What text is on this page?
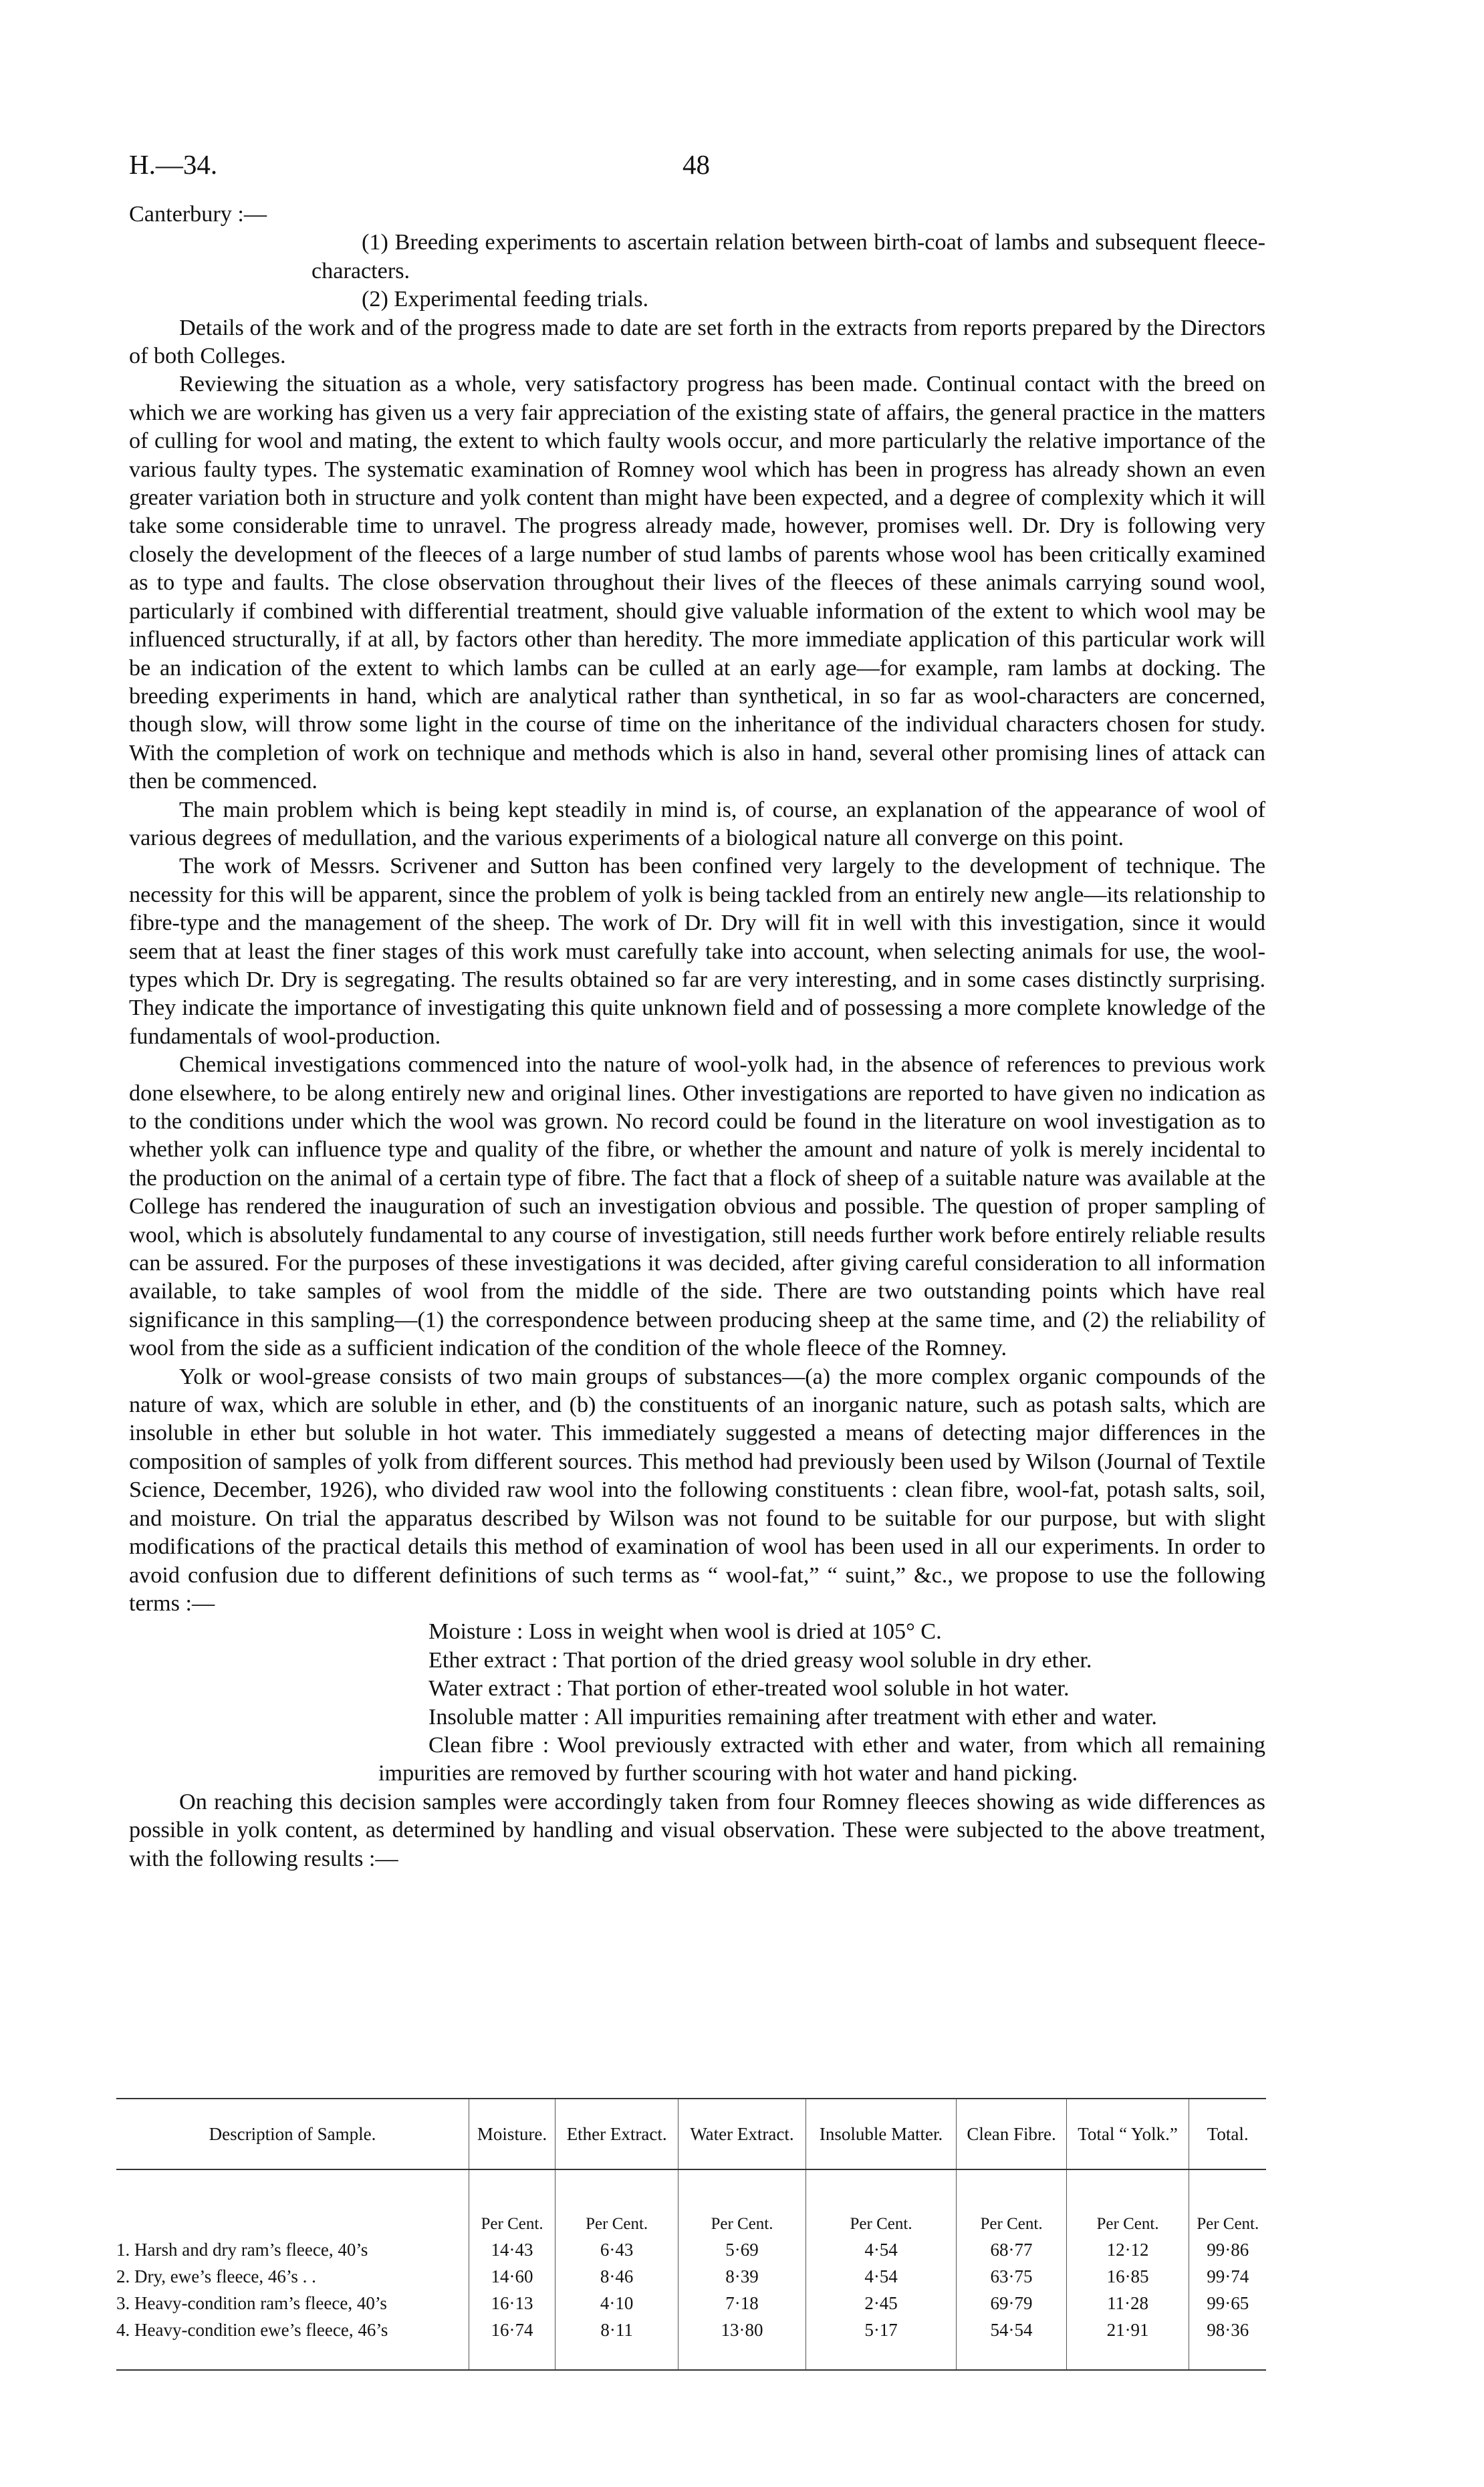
H.—34.	48

Canterbury :—

(1) Breeding experiments to ascertain relation between birth-coat of lambs and subsequent fleece-characters.

(2) Experimental feeding trials.

Details of the work and of the progress made to date are set forth in the extracts from reports prepared by the Directors of both Colleges.

Reviewing the situation as a whole, very satisfactory progress has been made. Continual contact with the breed on which we are working has given us a very fair appreciation of the existing state of affairs, the general practice in the matters of culling for wool and mating, the extent to which faulty wools occur, and more particularly the relative importance of the various faulty types. The systematic examination of Romney wool which has been in progress has already shown an even greater variation both in structure and yolk content than might have been expected, and a degree of complexity which it will take some considerable time to unravel. The progress already made, however, promises well. Dr. Dry is following very closely the development of the fleeces of a large number of stud lambs of parents whose wool has been critically examined as to type and faults. The close observation throughout their lives of the fleeces of these animals carrying sound wool, particularly if combined with differential treatment, should give valuable information of the extent to which wool may be influenced structurally, if at all, by factors other than heredity. The more immediate application of this particular work will be an indication of the extent to which lambs can be culled at an early age—for example, ram lambs at docking. The breeding experiments in hand, which are analytical rather than synthetical, in so far as wool-characters are concerned, though slow, will throw some light in the course of time on the inheritance of the individual characters chosen for study. With the completion of work on technique and methods which is also in hand, several other promising lines of attack can then be commenced.

The main problem which is being kept steadily in mind is, of course, an explanation of the appearance of wool of various degrees of medullation, and the various experiments of a biological nature all converge on this point.

The work of Messrs. Scrivener and Sutton has been confined very largely to the development of technique. The necessity for this will be apparent, since the problem of yolk is being tackled from an entirely new angle—its relationship to fibre-type and the management of the sheep. The work of Dr. Dry will fit in well with this investigation, since it would seem that at least the finer stages of this work must carefully take into account, when selecting animals for use, the wool-types which Dr. Dry is segregating. The results obtained so far are very interesting, and in some cases distinctly surprising. They indicate the importance of investigating this quite unknown field and of possessing a more complete knowledge of the fundamentals of wool-production.

Chemical investigations commenced into the nature of wool-yolk had, in the absence of references to previous work done elsewhere, to be along entirely new and original lines. Other investigations are reported to have given no indication as to the conditions under which the wool was grown. No record could be found in the literature on wool investigation as to whether yolk can influence type and quality of the fibre, or whether the amount and nature of yolk is merely incidental to the production on the animal of a certain type of fibre. The fact that a flock of sheep of a suitable nature was available at the College has rendered the inauguration of such an investigation obvious and possible. The question of proper sampling of wool, which is absolutely fundamental to any course of investigation, still needs further work before entirely reliable results can be assured. For the purposes of these investigations it was decided, after giving careful consideration to all information available, to take samples of wool from the middle of the side. There are two outstanding points which have real significance in this sampling—(1) the correspondence between producing sheep at the same time, and (2) the reliability of wool from the side as a sufficient indication of the condition of the whole fleece of the Romney.

Yolk or wool-grease consists of two main groups of substances—(a) the more complex organic compounds of the nature of wax, which are soluble in ether, and (b) the constituents of an inorganic nature, such as potash salts, which are insoluble in ether but soluble in hot water. This immediately suggested a means of detecting major differences in the composition of samples of yolk from different sources. This method had previously been used by Wilson (Journal of Textile Science, December, 1926), who divided raw wool into the following constituents : clean fibre, wool-fat, potash salts, soil, and moisture. On trial the apparatus described by Wilson was not found to be suitable for our purpose, but with slight modifications of the practical details this method of examination of wool has been used in all our experiments. In order to avoid confusion due to different definitions of such terms as “ wool-fat,” “ suint,” &c., we propose to use the following terms :—

Moisture : Loss in weight when wool is dried at 105° C.

Ether extract : That portion of the dried greasy wool soluble in dry ether.

Water extract : That portion of ether-treated wool soluble in hot water.

Insoluble matter : All impurities remaining after treatment with ether and water.

Clean fibre : Wool previously extracted with ether and water, from which all remaining impurities are removed by further scouring with hot water and hand picking.

On reaching this decision samples were accordingly taken from four Romney fleeces showing as wide differences as possible in yolk content, as determined by handling and visual observation. These were subjected to the above treatment, with the following results :—

Description of Sample.	Moisture.	Ether Extract.	Water Extract.	Insoluble Matter.	Clean Fibre.	Total “ Yolk.”	Total.
	Per Cent.	Per Cent.	Per Cent.	Per Cent.	Per Cent.	Per Cent.	Per Cent.
1. Harsh and dry ram’s fleece, 40’s	14·43	6·43	5·69	4·54	68·77	12·12	99·86
2. Dry, ewe’s fleece, 46’s . .	14·60	8·46	8·39	4·54	63·75	16·85	99·74
3. Heavy-condition ram’s fleece, 40’s	16·13	4·10	7·18	2·45	69·79	11·28	99·65
4. Heavy-condition ewe’s fleece, 46’s	16·74	8·11	13·80	5·17	54·54	21·91	98·36
